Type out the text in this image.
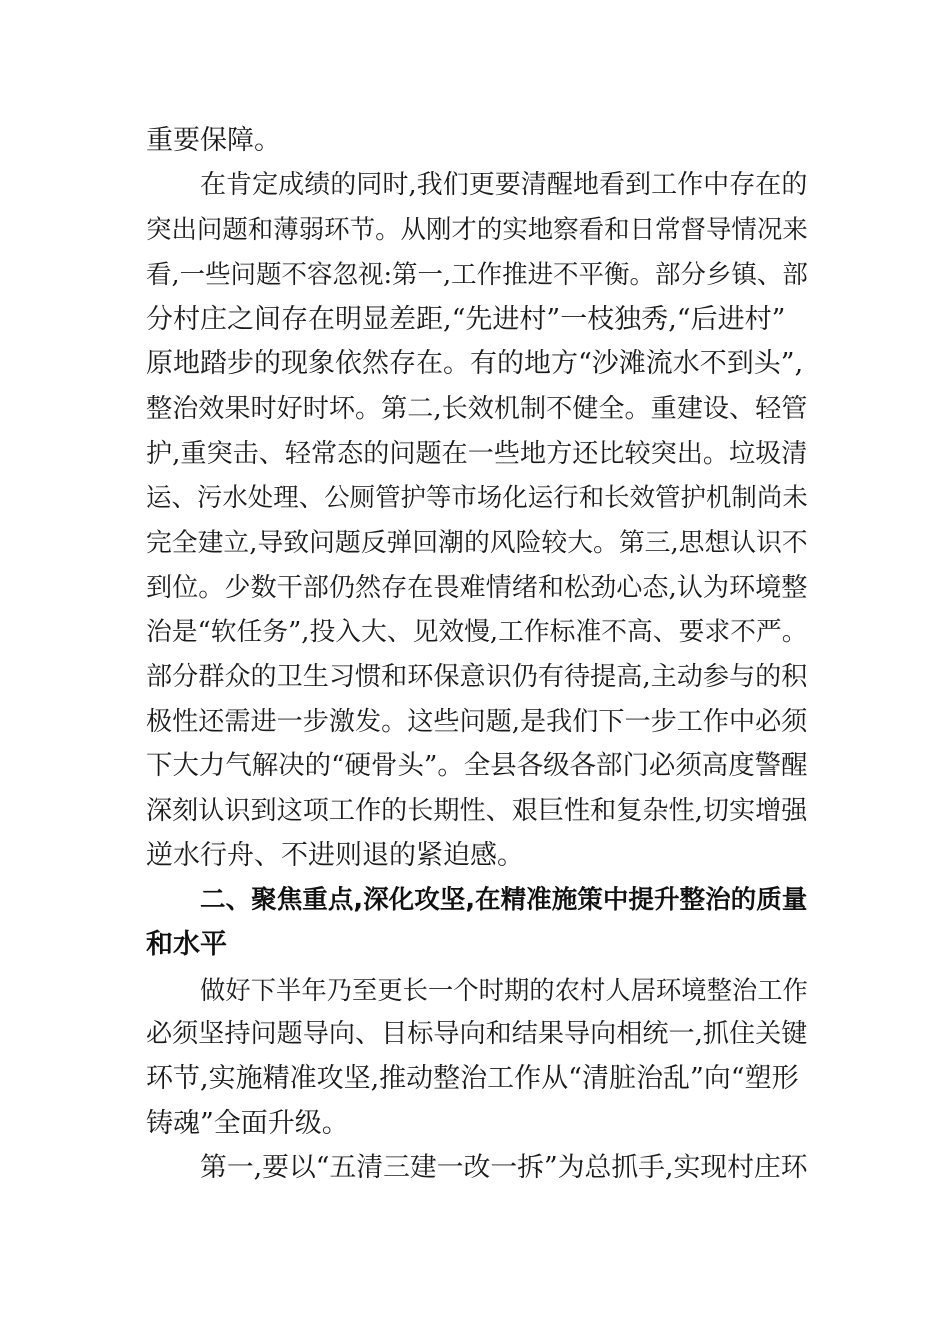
重要保障。
在肯定成绩的同时,我们更要清醒地看到工作中存在的
突出问题和薄弱环节。从刚才的实地察看和日常督导情况来
看,一些问题不容忽视:第一,工作推进不平衡。部分乡镇、部
分村庄之间存在明显差距,“先进村”一枝独秀,“后进村”
原地踏步的现象依然存在。有的地方“沙滩流水不到头”,
整治效果时好时坏。第二,长效机制不健全。重建设、轻管
护,重突击、轻常态的问题在一些地方还比较突出。垃圾清
运、污水处理、公厕管护等市场化运行和长效管护机制尚未
完全建立,导致问题反弹回潮的风险较大。第三,思想认识不
到位。少数干部仍然存在畏难情绪和松劲心态,认为环境整
治是“软任务”,投入大、见效慢,工作标准不高、要求不严。
部分群众的卫生习惯和环保意识仍有待提高,主动参与的积
极性还需进一步激发。这些问题,是我们下一步工作中必须
下大力气解决的“硬骨头”。全县各级各部门必须高度警醒
深刻认识到这项工作的长期性、艰巨性和复杂性,切实增强
逆水行舟、不进则退的紧迫感。
二、聚焦重点,深化攻坚,在精准施策中提升整治的质量
和水平
做好下半年乃至更长一个时期的农村人居环境整治工作
必须坚持问题导向、目标导向和结果导向相统一,抓住关键
环节,实施精准攻坚,推动整治工作从“清脏治乱”向“塑形
铸魂”全面升级。
第一,要以“五清三建一改一拆”为总抓手,实现村庄环
